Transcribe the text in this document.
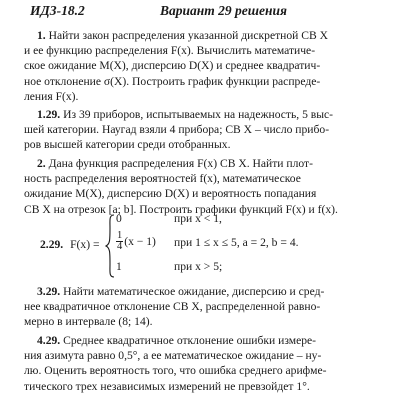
ИДЗ-18.2	Вариант 29 решения
1. Найти закон распределения указанной дискретной СВ X
и ее функцию распределения F(x). Вычислить математиче-
ское ожидание M(X), дисперсию D(X) и среднее квадратич-
ное отклонение σ(X). Построить график функции распреде-
ления F(x).
1.29. Из 39 приборов, испытываемых на надежность, 5 выс-
шей категории. Наугад взяли 4 прибора; СВ X – число прибо-
ров высшей категории среди отобранных.
2. Дана функция распределения F(x) СВ X. Найти плот-
ность распределения вероятностей f(x), математическое
ожидание M(X), дисперсию D(X) и вероятность попадания
СВ X на отрезок [a; b]. Построить графики функций F(x) и f(x).
2.29. F(x) =
0	при x < 1,
$\frac{1}{4} (x - 1)$ при 1 ≤ x ≤ 5, a = 2, b = 4.
1	при x > 5;
3.29. Найти математическое ожидание, дисперсию и сред-
нее квадратичное отклонение СВ X, распределенной равно-
мерно в интервале (8; 14).
4.29. Среднее квадратичное отклонение ошибки измере-
ния азимута равно 0,5°, а ее математическое ожидание – ну-
лю. Оценить вероятность того, что ошибка среднего арифме-
тического трех независимых измерений не превзойдет 1°.
